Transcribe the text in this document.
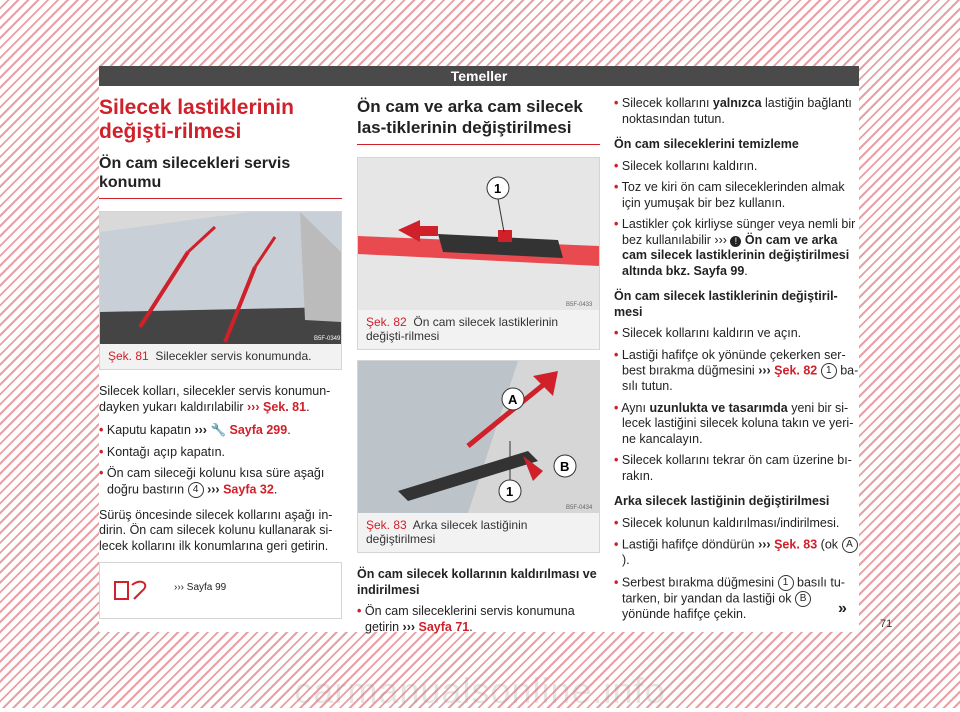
Temeller
Silecek lastiklerinin değişti-rilmesi
Ön cam silecekleri servis konumu
B5F-0349
Şek. 81 Silecekler servis konumunda.

Silecek kolları, silecekler servis konumun-dayken yukarı kaldırılabilir ››› Şek. 81.

• Kaputu kapatın ››› 🔧 Sayfa 299.
• Kontağı açıp kapatın.
• Ön cam sileceği kolunu kısa süre aşağı doğru bastırın 4 ››› Sayfa 32.

Sürüş öncesinde silecek kollarını aşağı in-dirin. Ön cam silecek kolunu kullanarak si-lecek kollarını ilk konumlarına geri getirin.

››› Sayfa 99
Ön cam ve arka cam silecek las-tiklerinin değiştirilmesi
1
B5F-0433
Şek. 82 Ön cam silecek lastiklerinin değişti-rilmesi
A
B
1
B5F-0434
Şek. 83 Arka silecek lastiğinin değiştirilmesi
Ön cam silecek kollarının kaldırılması ve indirilmesi
• Ön cam sileceklerini servis konumuna getirin ››› Sayfa 71.
• Silecek kollarını yalnızca lastiğin bağlantı noktasından tutun.
Ön cam sileceklerini temizleme
• Silecek kollarını kaldırın.
• Toz ve kiri ön cam sileceklerinden almak için yumuşak bir bez kullanın.
• Lastikler çok kirliyse sünger veya nemli bir bez kullanılabilir ››› ! Ön cam ve arka cam silecek lastiklerinin değiştirilmesi altında bkz. Sayfa 99.
Ön cam silecek lastiklerinin değiştiril-mesi
• Silecek kollarını kaldırın ve açın.
• Lastiği hafifçe ok yönünde çekerken ser-best bırakma düğmesini ››› Şek. 82 1 ba-sılı tutun.
• Aynı uzunlukta ve tasarımda yeni bir si-lecek lastiğini silecek koluna takın ve yeri-ne kancalayın.
• Silecek kollarını tekrar ön cam üzerine bı-rakın.
Arka silecek lastiğinin değiştirilmesi
• Silecek kolunun kaldırılması/indirilmesi.
• Lastiği hafifçe döndürün ››› Şek. 83 (ok A).
• Serbest bırakma düğmesini 1 basılı tu-tarken, bir yandan da lastiği ok B yönünde hafifçe çekin.	»
71
carmanualsonline.info
